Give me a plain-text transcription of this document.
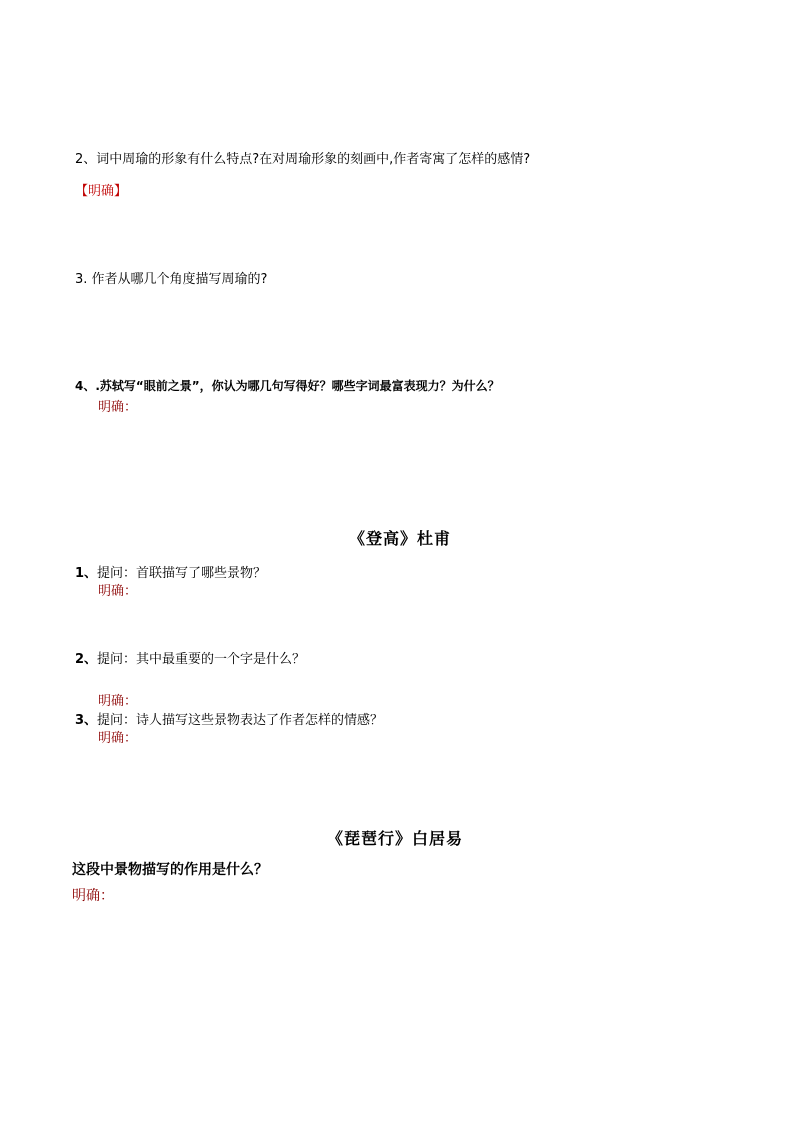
2、词中周瑜的形象有什么特点?在对周瑜形象的刻画中,作者寄寓了怎样的感情?
【明确】
3. 作者从哪几个角度描写周瑜的?
4、.苏轼写“眼前之景”，你认为哪几句写得好？哪些字词最富表现力？为什么？
明确：
《登高》杜甫
1、提问：首联描写了哪些景物？
明确：
2、提问：其中最重要的一个字是什么？
明确：
3、提问：诗人描写这些景物表达了作者怎样的情感？
明确：
《琵琶行》白居易
这段中景物描写的作用是什么？
明确：
